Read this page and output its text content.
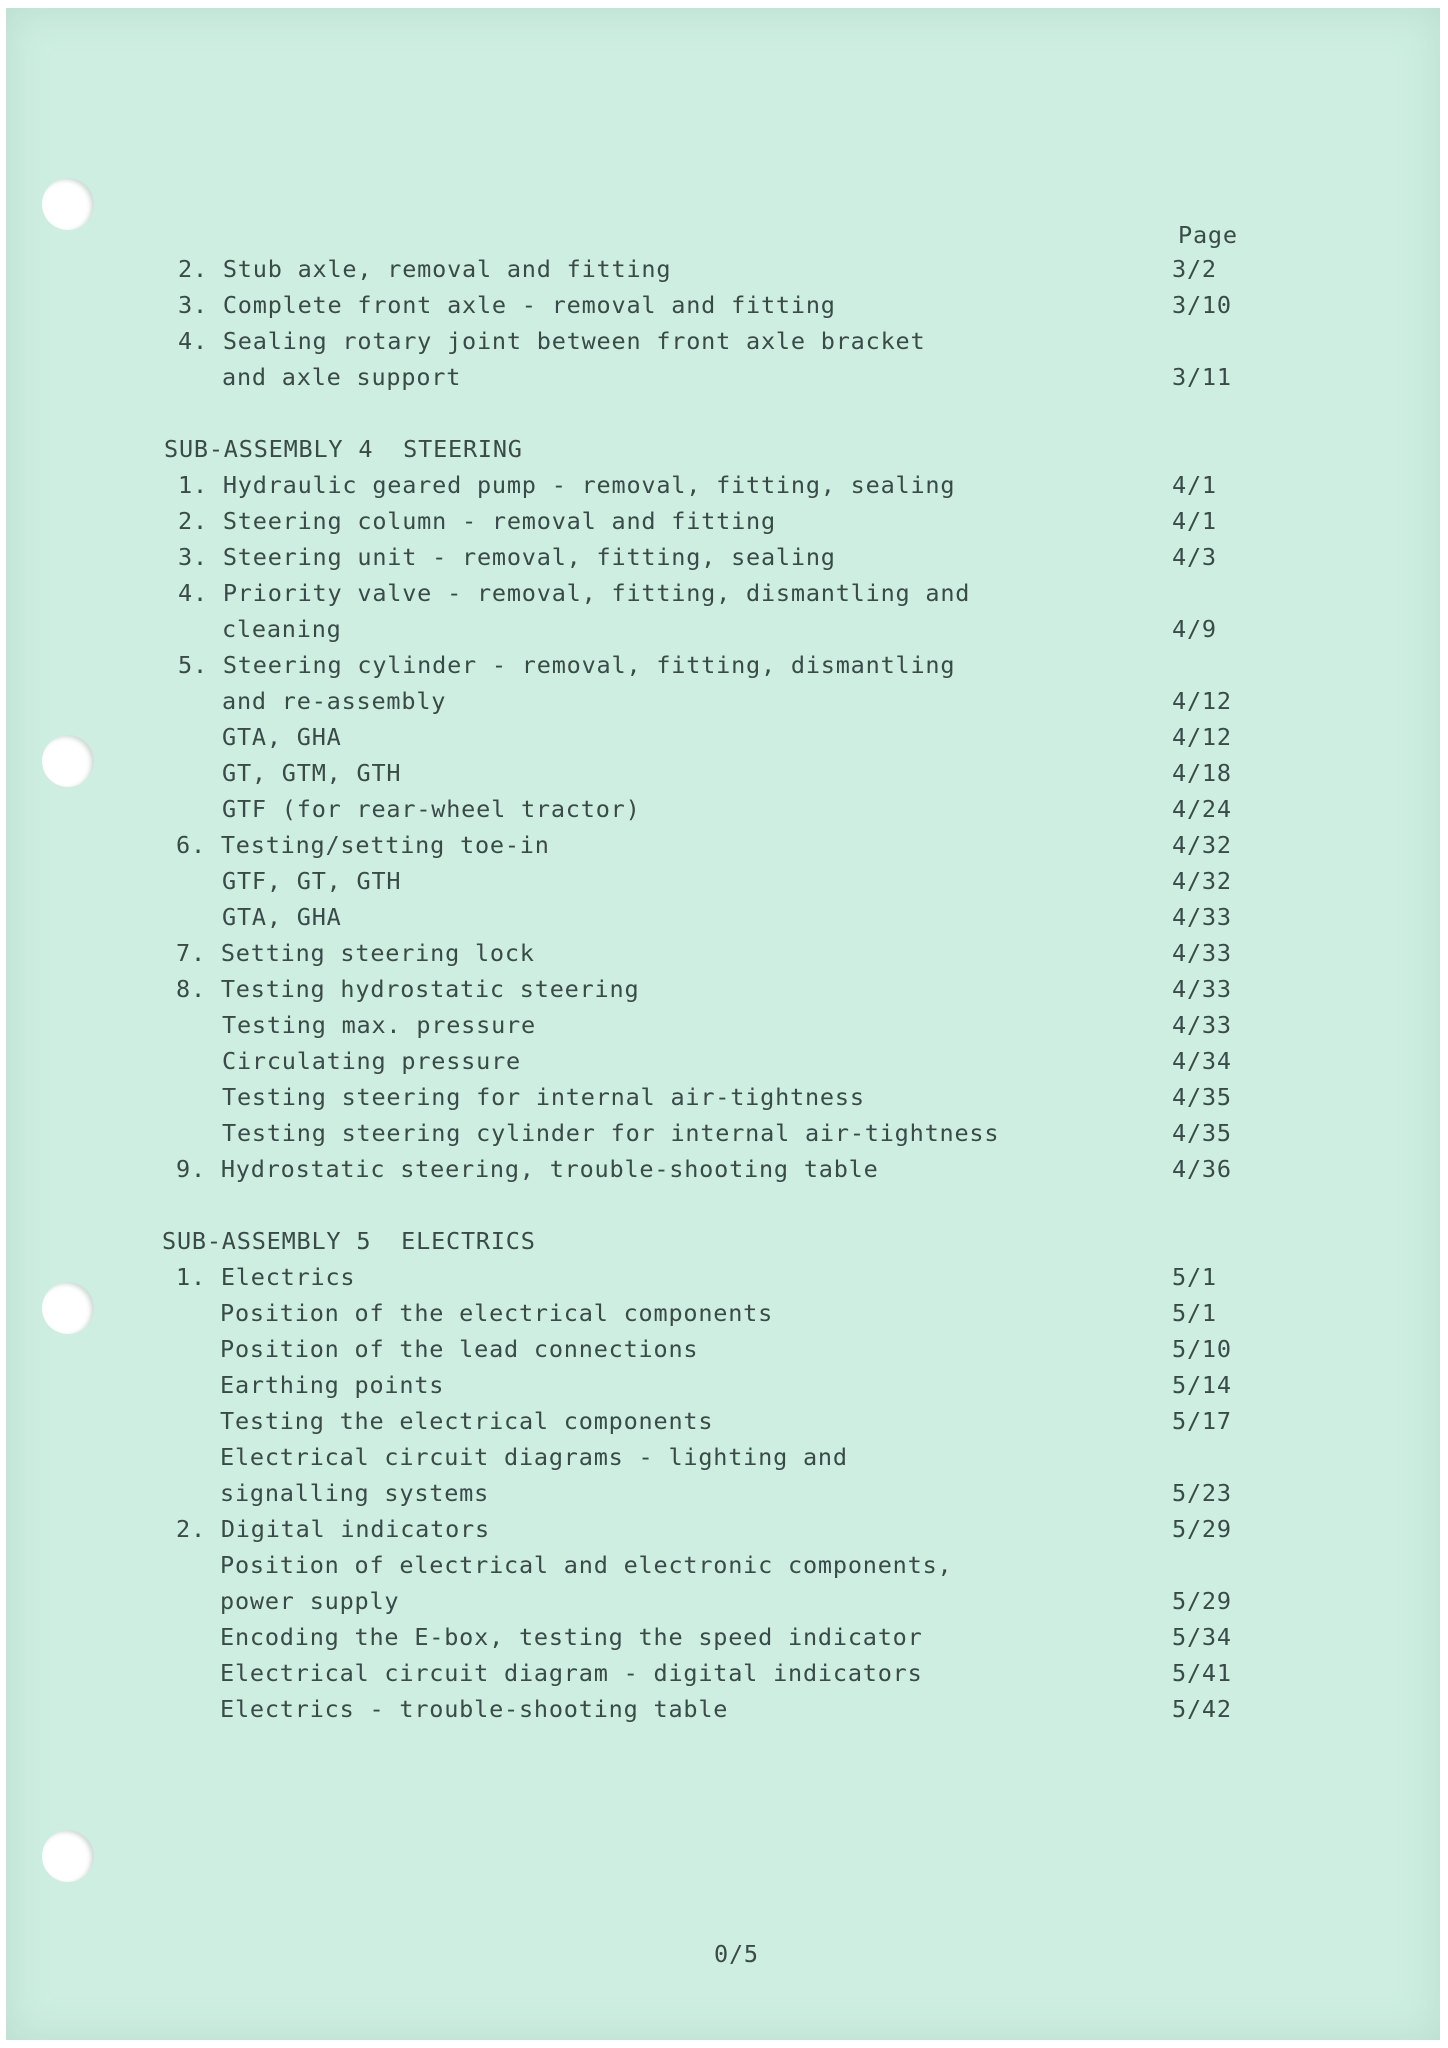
Page
2. Stub axle, removal and fitting	3/2
3. Complete front axle - removal and fitting	3/10
4. Sealing rotary joint between front axle bracket
and axle support	3/11
SUB-ASSEMBLY 4  STEERING
1. Hydraulic geared pump - removal, fitting, sealing	4/1
2. Steering column - removal and fitting	4/1
3. Steering unit - removal, fitting, sealing	4/3
4. Priority valve - removal, fitting, dismantling and
cleaning	4/9
5. Steering cylinder - removal, fitting, dismantling
and re-assembly	4/12
GTA, GHA	4/12
GT, GTM, GTH	4/18
GTF (for rear-wheel tractor)	4/24
6. Testing/setting toe-in	4/32
GTF, GT, GTH	4/32
GTA, GHA	4/33
7. Setting steering lock	4/33
8. Testing hydrostatic steering	4/33
Testing max. pressure	4/33
Circulating pressure	4/34
Testing steering for internal air-tightness	4/35
Testing steering cylinder for internal air-tightness	4/35
9. Hydrostatic steering, trouble-shooting table	4/36
SUB-ASSEMBLY 5  ELECTRICS
1. Electrics	5/1
Position of the electrical components	5/1
Position of the lead connections	5/10
Earthing points	5/14
Testing the electrical components	5/17
Electrical circuit diagrams - lighting and
signalling systems	5/23
2. Digital indicators	5/29
Position of electrical and electronic components,
power supply	5/29
Encoding the E-box, testing the speed indicator	5/34
Electrical circuit diagram - digital indicators	5/41
Electrics - trouble-shooting table	5/42
0/5
